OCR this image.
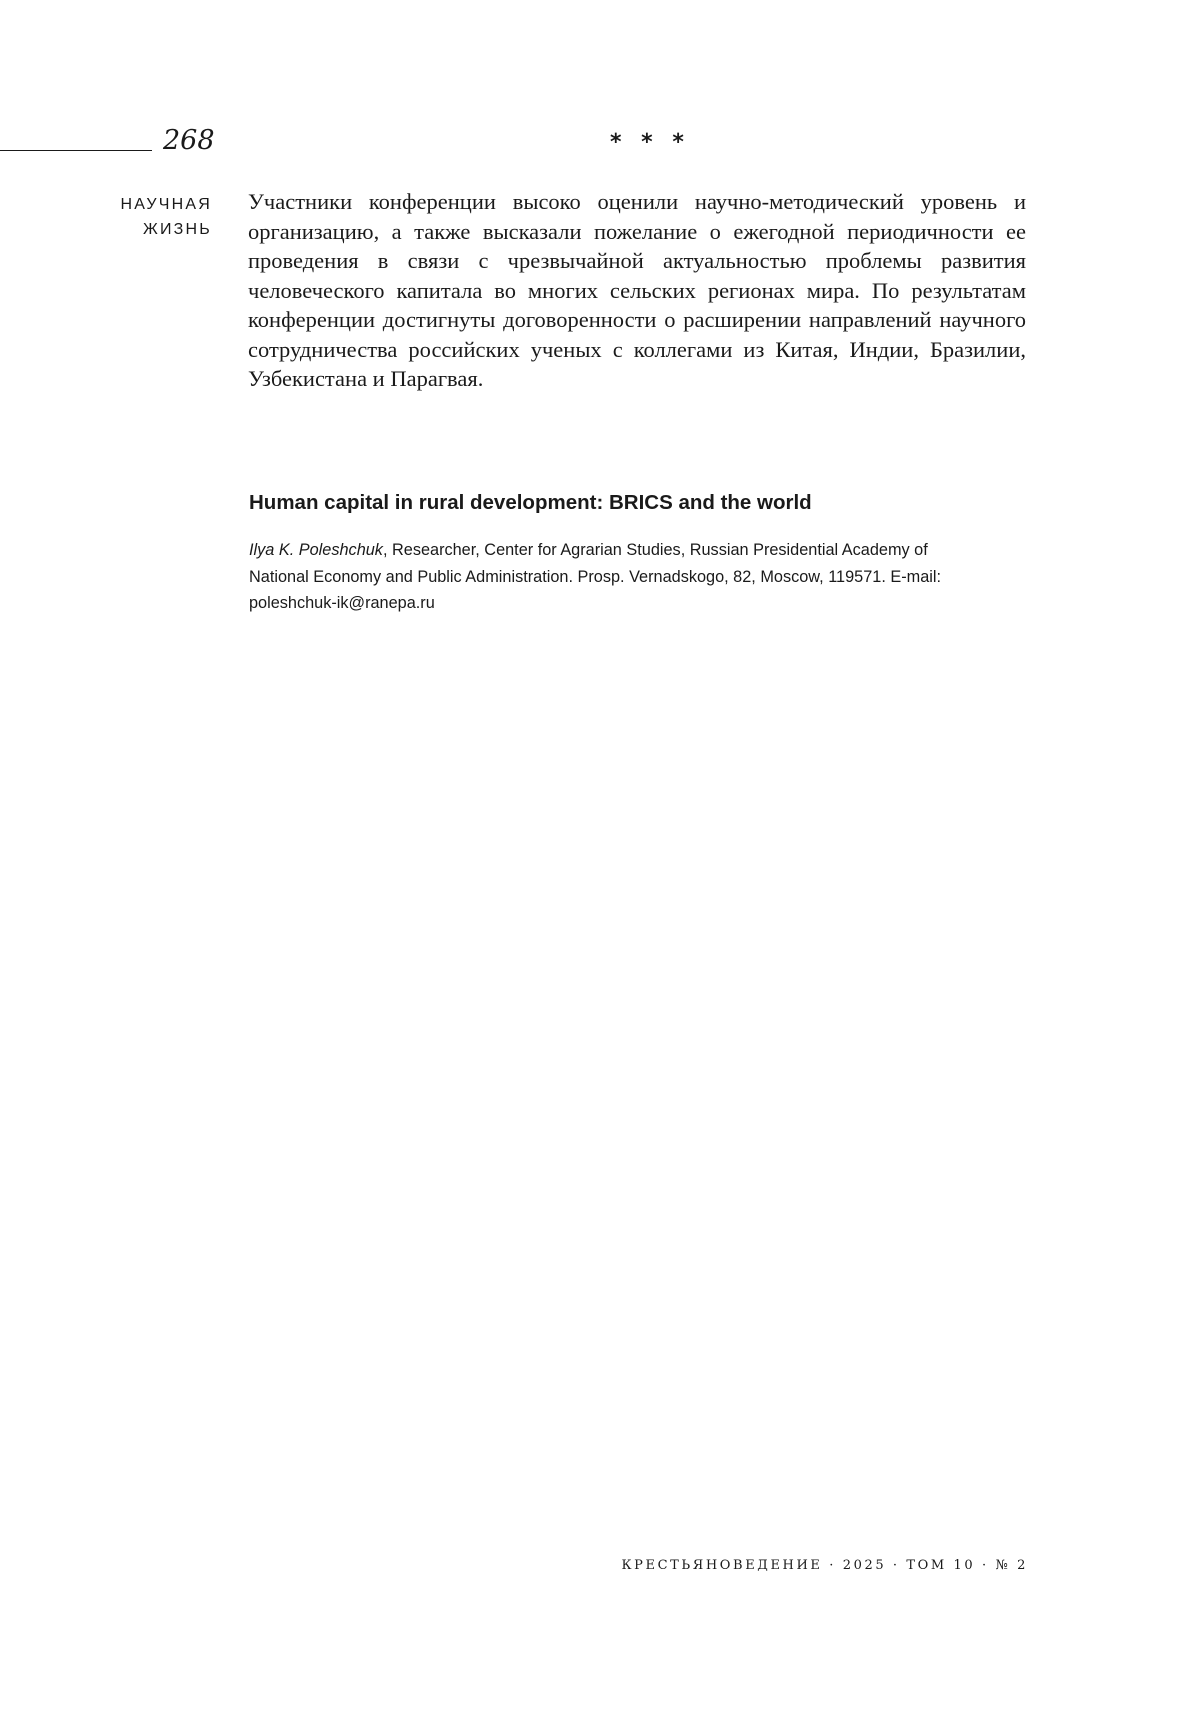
268	* * *
НАУЧНАЯ
ЖИЗНЬ

Участники конференции высоко оценили научно-методический уровень и организацию, а также высказали пожелание о ежегодной периодичности ее проведения в связи с чрезвычайной актуальностью проблемы развития человеческого капитала во многих сельских регионах мира. По результатам конференции достигнуты договоренности о расширении направлений научного сотрудничества российских ученых с коллегами из Китая, Индии, Бразилии, Узбекистана и Парагвая.

Human capital in rural development: BRICS and the world

Ilya K. Poleshchuk, Researcher, Center for Agrarian Studies, Russian Presidential Academy of National Economy and Public Administration. Prosp. Vernadskogo, 82, Moscow, 119571. E-mail: poleshchuk-ik@ranepa.ru

КРЕСТЬЯНОВЕДЕНИЕ · 2025 · ТОМ 10 · № 2
